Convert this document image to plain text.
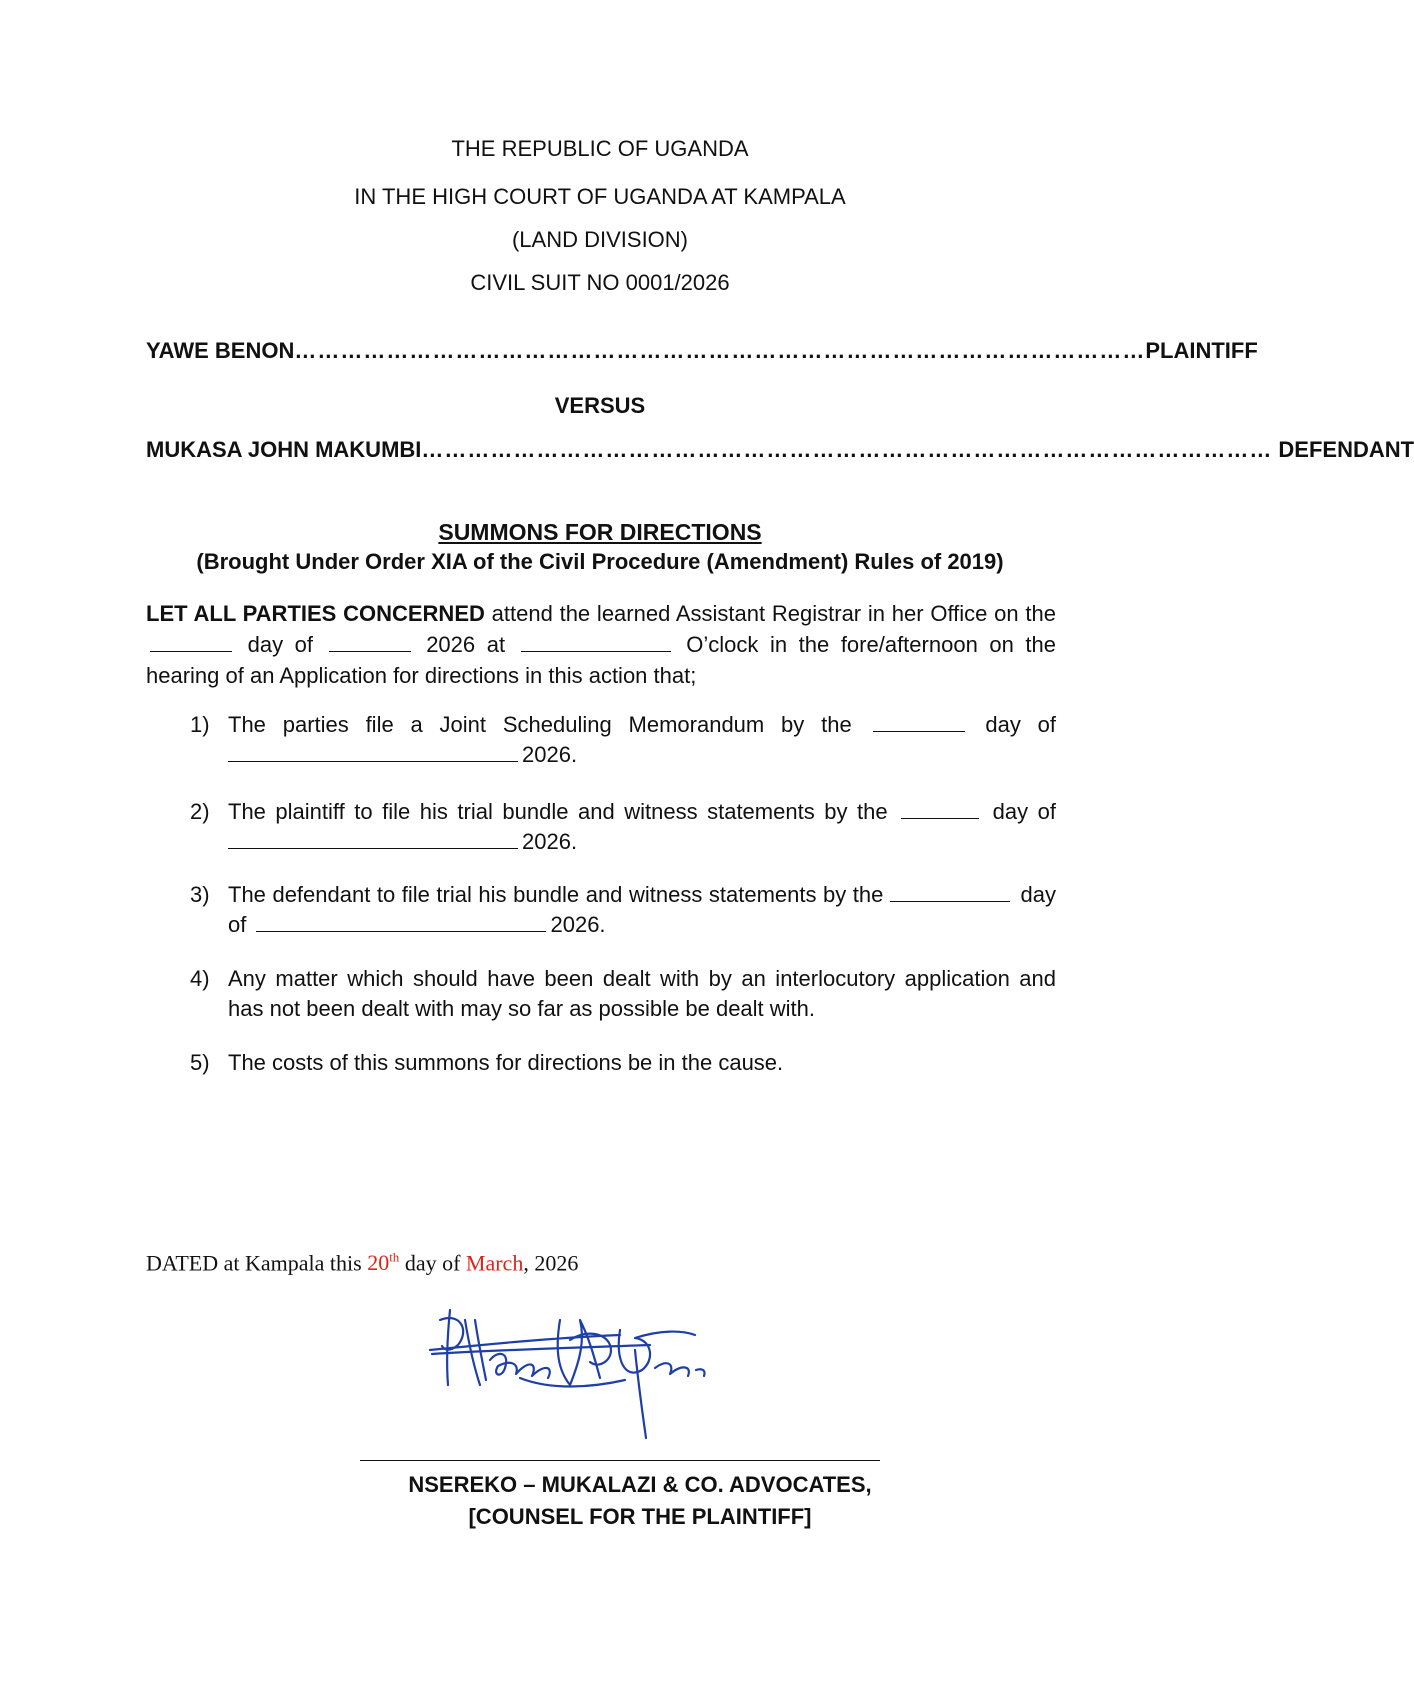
THE REPUBLIC OF UGANDA
IN THE HIGH COURT OF UGANDA AT KAMPALA
(LAND DIVISION)
CIVIL SUIT NO 0001/2026
YAWE BENON ………………………………………………………………………………………………… PLAINTIFF
VERSUS
MUKASA JOHN MAKUMBI ………………………………………………………………………………………………… DEFENDANT
SUMMONS FOR DIRECTIONS
(Brought Under Order XIA of the Civil Procedure (Amendment) Rules of 2019)
LET ALL PARTIES CONCERNED attend the learned Assistant Registrar in her Office on the  day of	2026 at	O’clock in the fore/afternoon on the hearing of an Application for directions in this action that;
1) The parties file a Joint Scheduling Memorandum by the	day of 2026.
2) The plaintiff to file his trial bundle and witness statements by the	day of 2026.
3) The defendant to file trial his bundle and witness statements by the	day of	2026.
4) Any matter which should have been dealt with by an interlocutory application and has not been dealt with may so far as possible be dealt with.
5) The costs of this summons for directions be in the cause.
DATED at Kampala this 20th day of March, 2026
NSEREKO – MUKALAZI & CO. ADVOCATES,
[COUNSEL FOR THE PLAINTIFF]
